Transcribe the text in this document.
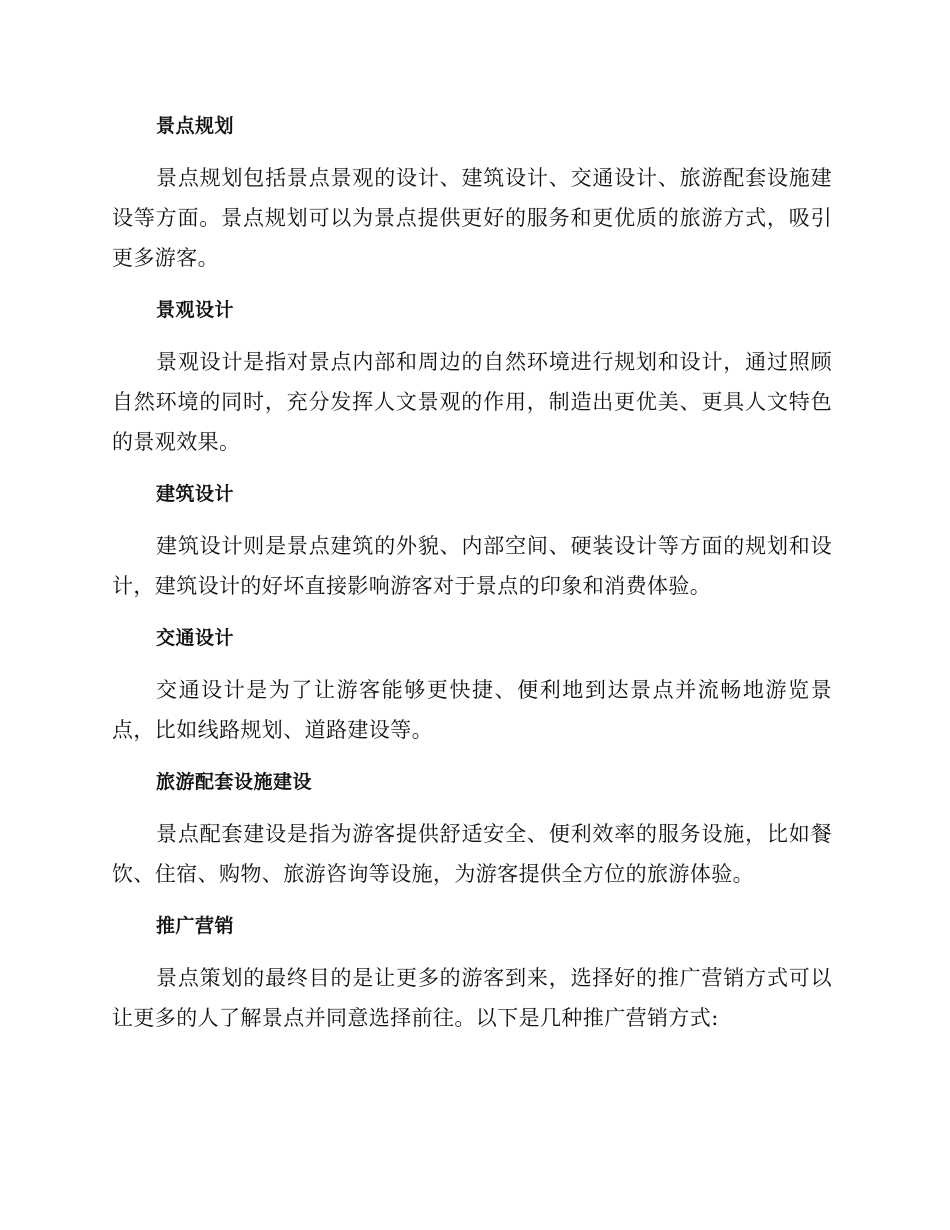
景点规划

景点规划包括景点景观的设计、建筑设计、交通设计、旅游配套设施建设等方面。景点规划可以为景点提供更好的服务和更优质的旅游方式，吸引更多游客。

景观设计

景观设计是指对景点内部和周边的自然环境进行规划和设计，通过照顾自然环境的同时，充分发挥人文景观的作用，制造出更优美、更具人文特色的景观效果。

建筑设计

建筑设计则是景点建筑的外貌、内部空间、硬装设计等方面的规划和设计，建筑设计的好坏直接影响游客对于景点的印象和消费体验。

交通设计

交通设计是为了让游客能够更快捷、便利地到达景点并流畅地游览景点，比如线路规划、道路建设等。

旅游配套设施建设

景点配套建设是指为游客提供舒适安全、便利效率的服务设施，比如餐饮、住宿、购物、旅游咨询等设施，为游客提供全方位的旅游体验。

推广营销

景点策划的最终目的是让更多的游客到来，选择好的推广营销方式可以让更多的人了解景点并同意选择前往。以下是几种推广营销方式:
